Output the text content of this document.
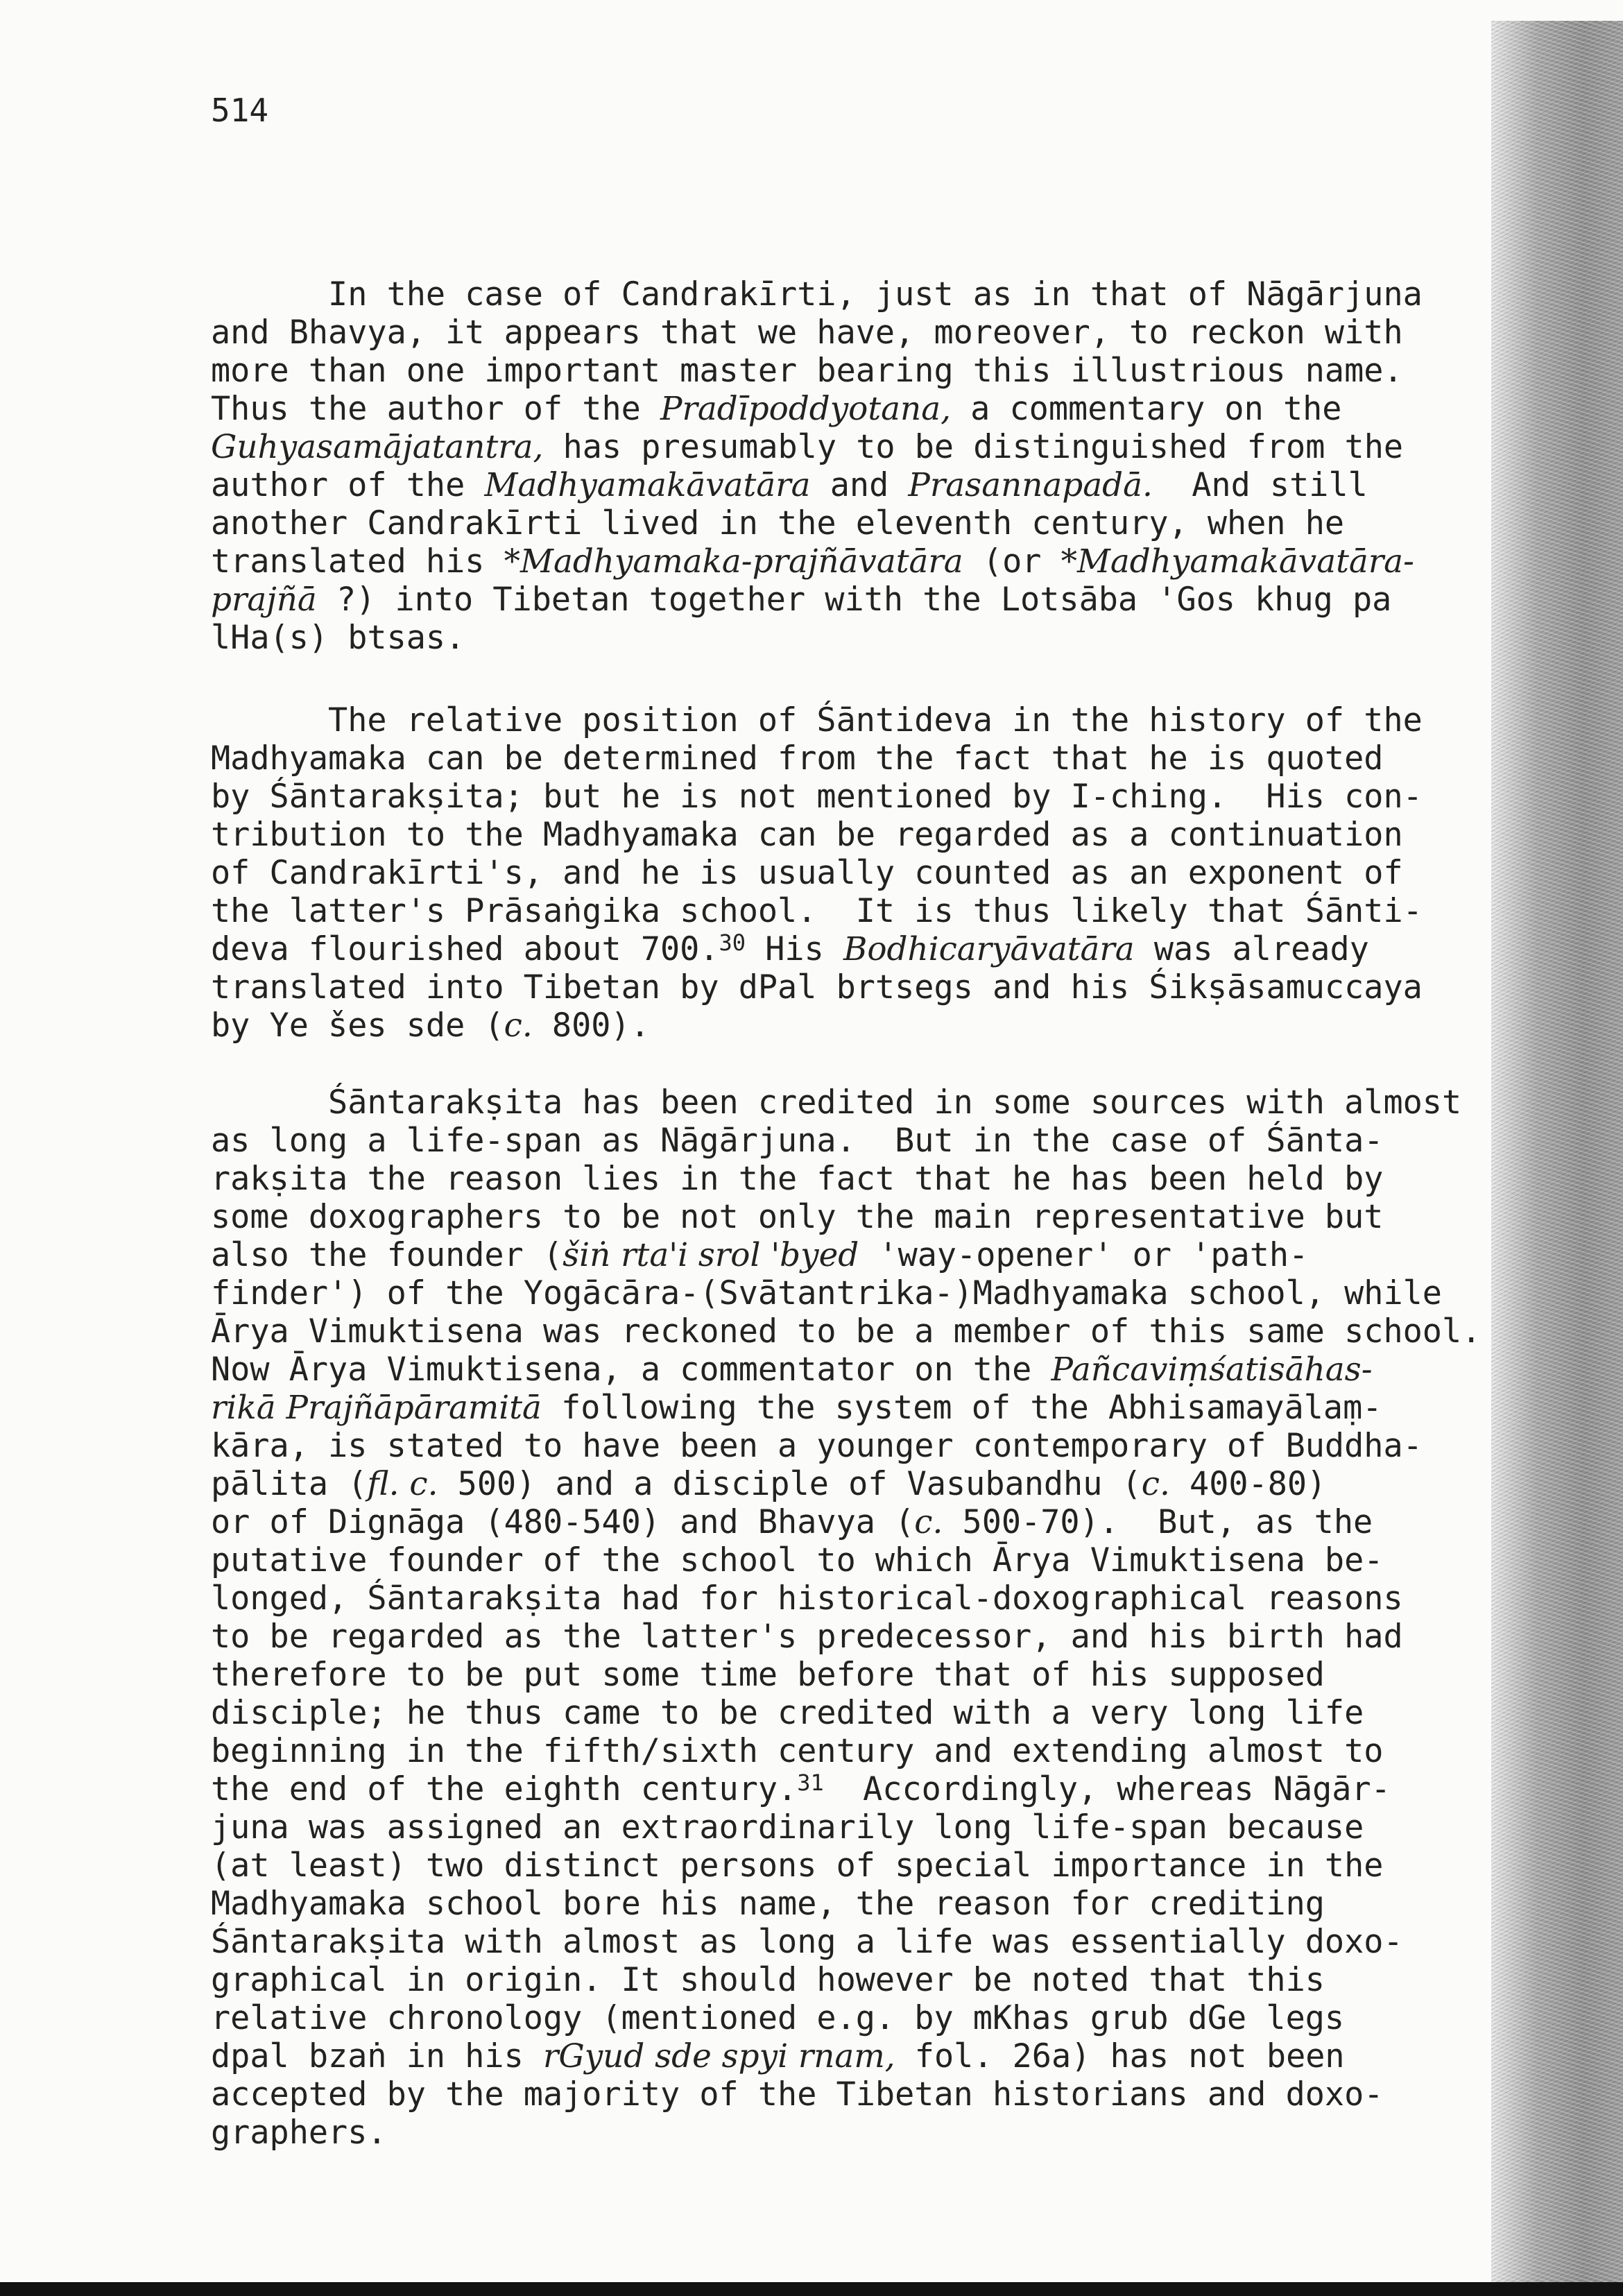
514
In the case of Candrakīrti, just as in that of Nāgārjuna
and Bhavya, it appears that we have, moreover, to reckon with
more than one important master bearing this illustrious name.
Thus the author of the Pradīpoddyotana, a commentary on the
Guhyasamājatantra, has presumably to be distinguished from the
author of the Madhyamakāvatāra and Prasannapadā.  And still
another Candrakīrti lived in the eleventh century, when he
translated his *Madhyamaka-prajñāvatāra (or *Madhyamakāvatāra-
prajñā ?) into Tibetan together with the Lotsāba 'Gos khug pa
lHa(s) btsas.
The relative position of Śāntideva in the history of the
Madhyamaka can be determined from the fact that he is quoted
by Śāntarakṣita; but he is not mentioned by I-ching.  His con-
tribution to the Madhyamaka can be regarded as a continuation
of Candrakīrti's, and he is usually counted as an exponent of
the latter's Prāsaṅgika school.  It is thus likely that Śānti-
deva flourished about 700.30 His Bodhicaryāvatāra was already
translated into Tibetan by dPal brtsegs and his Śikṣāsamuccaya
by Ye šes sde (c. 800).
Śāntarakṣita has been credited in some sources with almost
as long a life-span as Nāgārjuna.  But in the case of Śānta-
rakṣita the reason lies in the fact that he has been held by
some doxographers to be not only the main representative but
also the founder (šiṅ rta'i srol 'byed 'way-opener' or 'path-
finder') of the Yogācāra-(Svātantrika-)Madhyamaka school, while
Ārya Vimuktisena was reckoned to be a member of this same school.
Now Ārya Vimuktisena, a commentator on the Pañcaviṃśatisāhas-
rikā Prajñāpāramitā following the system of the Abhisamayālaṃ-
kāra, is stated to have been a younger contemporary of Buddha-
pālita (fl. c. 500) and a disciple of Vasubandhu (c. 400-80)
or of Dignāga (480-540) and Bhavya (c. 500-70).  But, as the
putative founder of the school to which Ārya Vimuktisena be-
longed, Śāntarakṣita had for historical-doxographical reasons
to be regarded as the latter's predecessor, and his birth had
therefore to be put some time before that of his supposed
disciple; he thus came to be credited with a very long life
beginning in the fifth/sixth century and extending almost to
the end of the eighth century.$^{31}$  Accordingly, whereas Nāgār-
juna was assigned an extraordinarily long life-span because
(at least) two distinct persons of special importance in the
Madhyamaka school bore his name, the reason for crediting
Śāntarakṣita with almost as long a life was essentially doxo-
graphical in origin. It should however be noted that this
relative chronology (mentioned e.g. by mKhas grub dGe legs
dpal bzaṅ in his rGyud sde spyi rnam, fol. 26a) has not been
accepted by the majority of the Tibetan historians and doxo-
graphers.
